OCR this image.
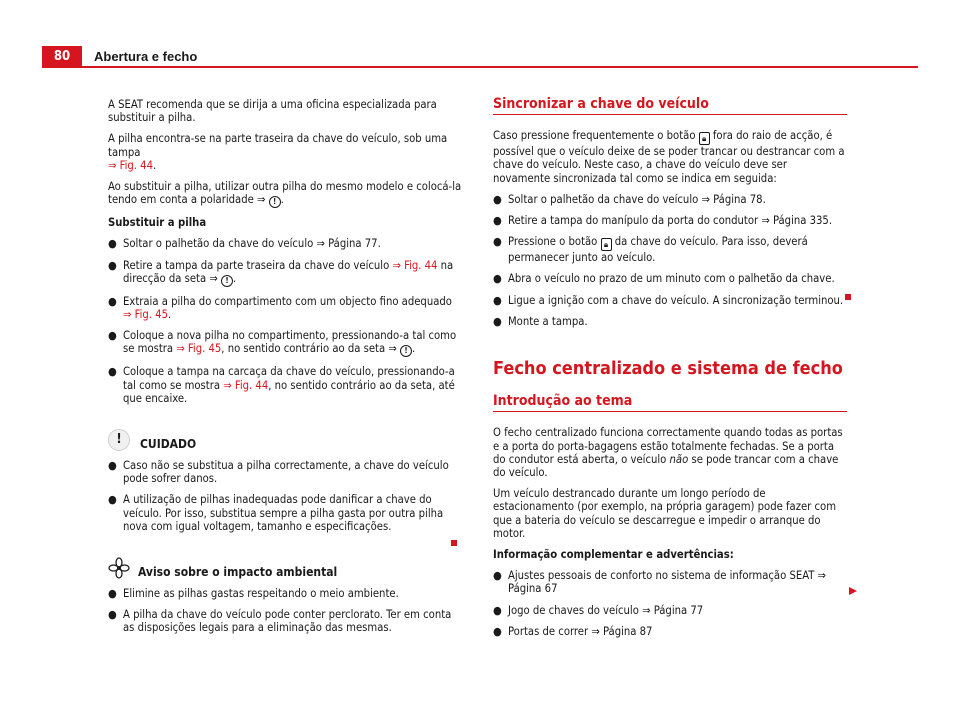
80	Abertura e fecho

A SEAT recomenda que se dirija a uma oficina especializada para substituir a pilha.

A pilha encontra-se na parte traseira da chave do veículo, sob uma tampa
⇒ Fig. 44.

Ao substituir a pilha, utilizar outra pilha do mesmo modelo e colocá-la tendo em conta a polaridade ⇒ ! .

Substituir a pilha

● Soltar o palhetão da chave do veículo ⇒ Página 77.
● Retire a tampa da parte traseira da chave do veículo ⇒ Fig. 44 na direcção da seta ⇒ ! .
● Extraia a pilha do compartimento com um objecto fino adequado
⇒ Fig. 45.
● Coloque a nova pilha no compartimento, pressionando-a tal como se mostra ⇒ Fig. 45, no sentido contrário ao da seta ⇒ ! .
● Coloque a tampa na carcaça da chave do veículo, pressionando-a tal como se mostra ⇒ Fig. 44, no sentido contrário ao da seta, até que encaixe.
!	CUIDADO
● Caso não se substitua a pilha correctamente, a chave do veículo pode sofrer danos.
● A utilização de pilhas inadequadas pode danificar a chave do veículo. Por isso, substitua sempre a pilha gasta por outra pilha nova com igual voltagem, tamanho e especificações.
Aviso sobre o impacto ambiental
● Elimine as pilhas gastas respeitando o meio ambiente.
● A pilha da chave do veículo pode conter perclorato. Ter em conta as disposições legais para a eliminação das mesmas.

Sincronizar a chave do veículo

Caso pressione frequentemente o botão 🔒︎ fora do raio de acção, é possível que o veículo deixe de se poder trancar ou destrancar com a chave do veículo. Neste caso, a chave do veículo deve ser novamente sincronizada tal como se indica em seguida:

● Soltar o palhetão da chave do veículo ⇒ Página 78.
● Retire a tampa do manípulo da porta do condutor ⇒ Página 335.
● Pressione o botão 🔒︎ da chave do veículo. Para isso, deverá permanecer junto ao veículo.
● Abra o veículo no prazo de um minuto com o palhetão da chave.
● Ligue a ignição com a chave do veículo. A sincronização terminou.
● Monte a tampa.
Fecho centralizado e sistema de fecho

Introdução ao tema

O fecho centralizado funciona correctamente quando todas as portas e a porta do porta-bagagens estão totalmente fechadas. Se a porta do condutor está aberta, o veículo não se pode trancar com a chave do veículo.

Um veículo destrancado durante um longo período de estacionamento (por exemplo, na própria garagem) pode fazer com que a bateria do veículo se descarregue e impedir o arranque do motor.

Informação complementar e advertências:

● Ajustes pessoais de conforto no sistema de informação SEAT ⇒ Página 67
● Jogo de chaves do veículo ⇒ Página 77
● Portas de correr ⇒ Página 87
